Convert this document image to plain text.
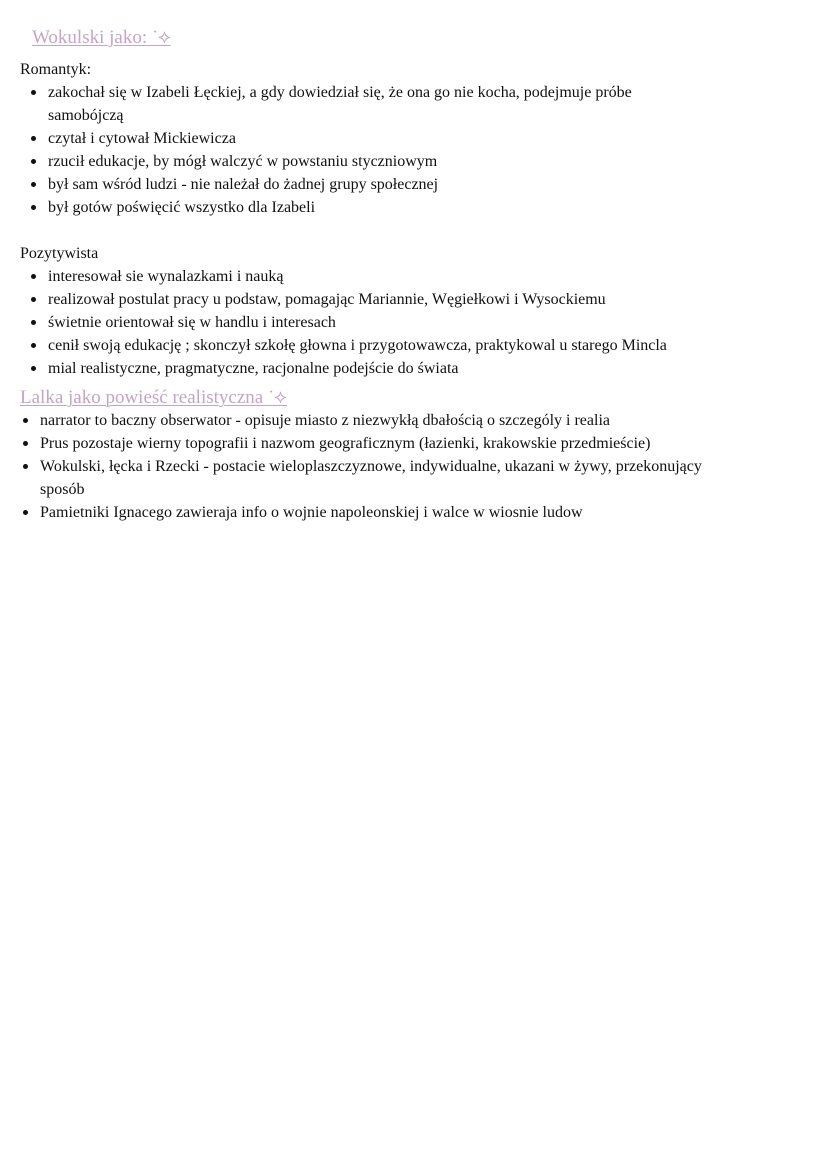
Wokulski jako: ˙⟡
Romantyk:
zakochał się w Izabeli Łęckiej, a gdy dowiedział się, że ona go nie kocha, podejmuje próbe samobójczą
czytał i cytował Mickiewicza
rzucił edukacje, by mógł walczyć w powstaniu styczniowym
był sam wśród ludzi - nie należał do żadnej grupy społecznej
był gotów poświęcić wszystko dla Izabeli
Pozytywista
interesował sie wynalazkami i nauką
realizował postulat pracy u podstaw, pomagając Mariannie, Węgiełkowi i Wysockiemu
świetnie orientował się w handlu i interesach
cenił swoją edukację ; skonczył szkołę głowna i przygotowawcza, praktykowal u starego Mincla
mial realistyczne, pragmatyczne, racjonalne podejście do świata
Lalka jako powieść realistyczna ˙⟡
narrator to baczny obserwator - opisuje miasto z niezwykłą dbałością o szczególy i realia
Prus pozostaje wierny topografii i nazwom geograficznym (łazienki, krakowskie przedmieście)
Wokulski, łęcka i Rzecki - postacie wieloplaszczyznowe, indywidualne, ukazani w żywy, przekonujący sposób
Pamietniki Ignacego zawieraja info o wojnie napoleonskiej i walce w wiosnie ludow
